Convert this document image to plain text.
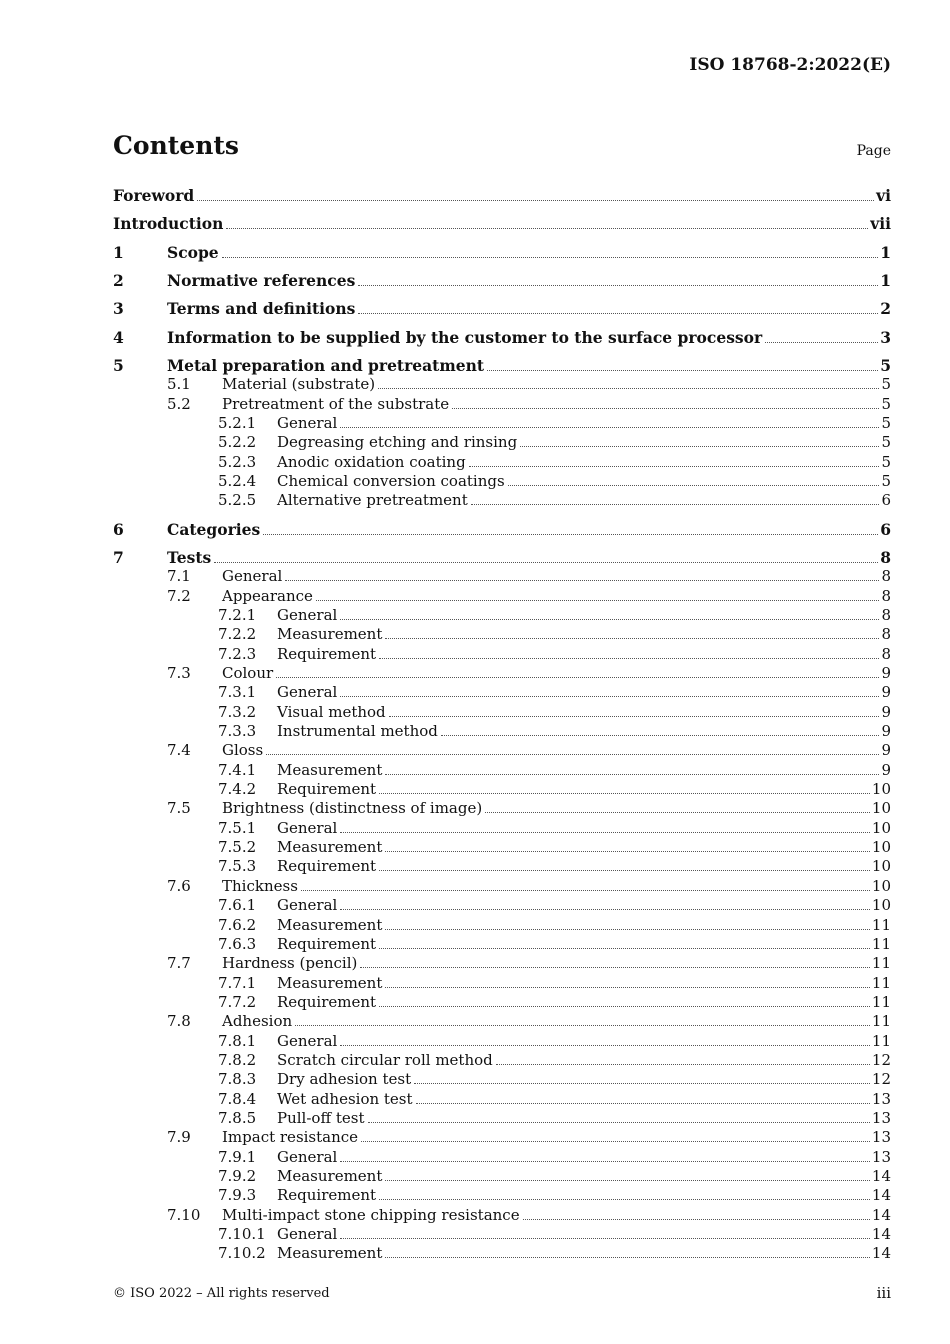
ISO 18768-2:2022(E)
Contents	Page
Foreword	vi
Introduction	vii
1	Scope	1
2	Normative references	1
3	Terms and definitions	2
4	Information to be supplied by the customer to the surface processor	3
5	Metal preparation and pretreatment	5
5.1	Material (substrate)	5
5.2	Pretreatment of the substrate	5
5.2.1	General	5
5.2.2	Degreasing etching and rinsing	5
5.2.3	Anodic oxidation coating	5
5.2.4	Chemical conversion coatings	5
5.2.5	Alternative pretreatment	6
6	Categories	6
7	Tests	8
7.1	General	8
7.2	Appearance	8
7.2.1	General	8
7.2.2	Measurement	8
7.2.3	Requirement	8
7.3	Colour	9
7.3.1	General	9
7.3.2	Visual method	9
7.3.3	Instrumental method	9
7.4	Gloss	9
7.4.1	Measurement	9
7.4.2	Requirement	10
7.5	Brightness (distinctness of image)	10
7.5.1	General	10
7.5.2	Measurement	10
7.5.3	Requirement	10
7.6	Thickness	10
7.6.1	General	10
7.6.2	Measurement	11
7.6.3	Requirement	11
7.7	Hardness (pencil)	11
7.7.1	Measurement	11
7.7.2	Requirement	11
7.8	Adhesion	11
7.8.1	General	11
7.8.2	Scratch circular roll method	12
7.8.3	Dry adhesion test	12
7.8.4	Wet adhesion test	13
7.8.5	Pull-off test	13
7.9	Impact resistance	13
7.9.1	General	13
7.9.2	Measurement	14
7.9.3	Requirement	14
7.10	Multi-impact stone chipping resistance	14
7.10.1 General	14
7.10.2 Measurement	14
© ISO 2022 – All rights reserved	iii
